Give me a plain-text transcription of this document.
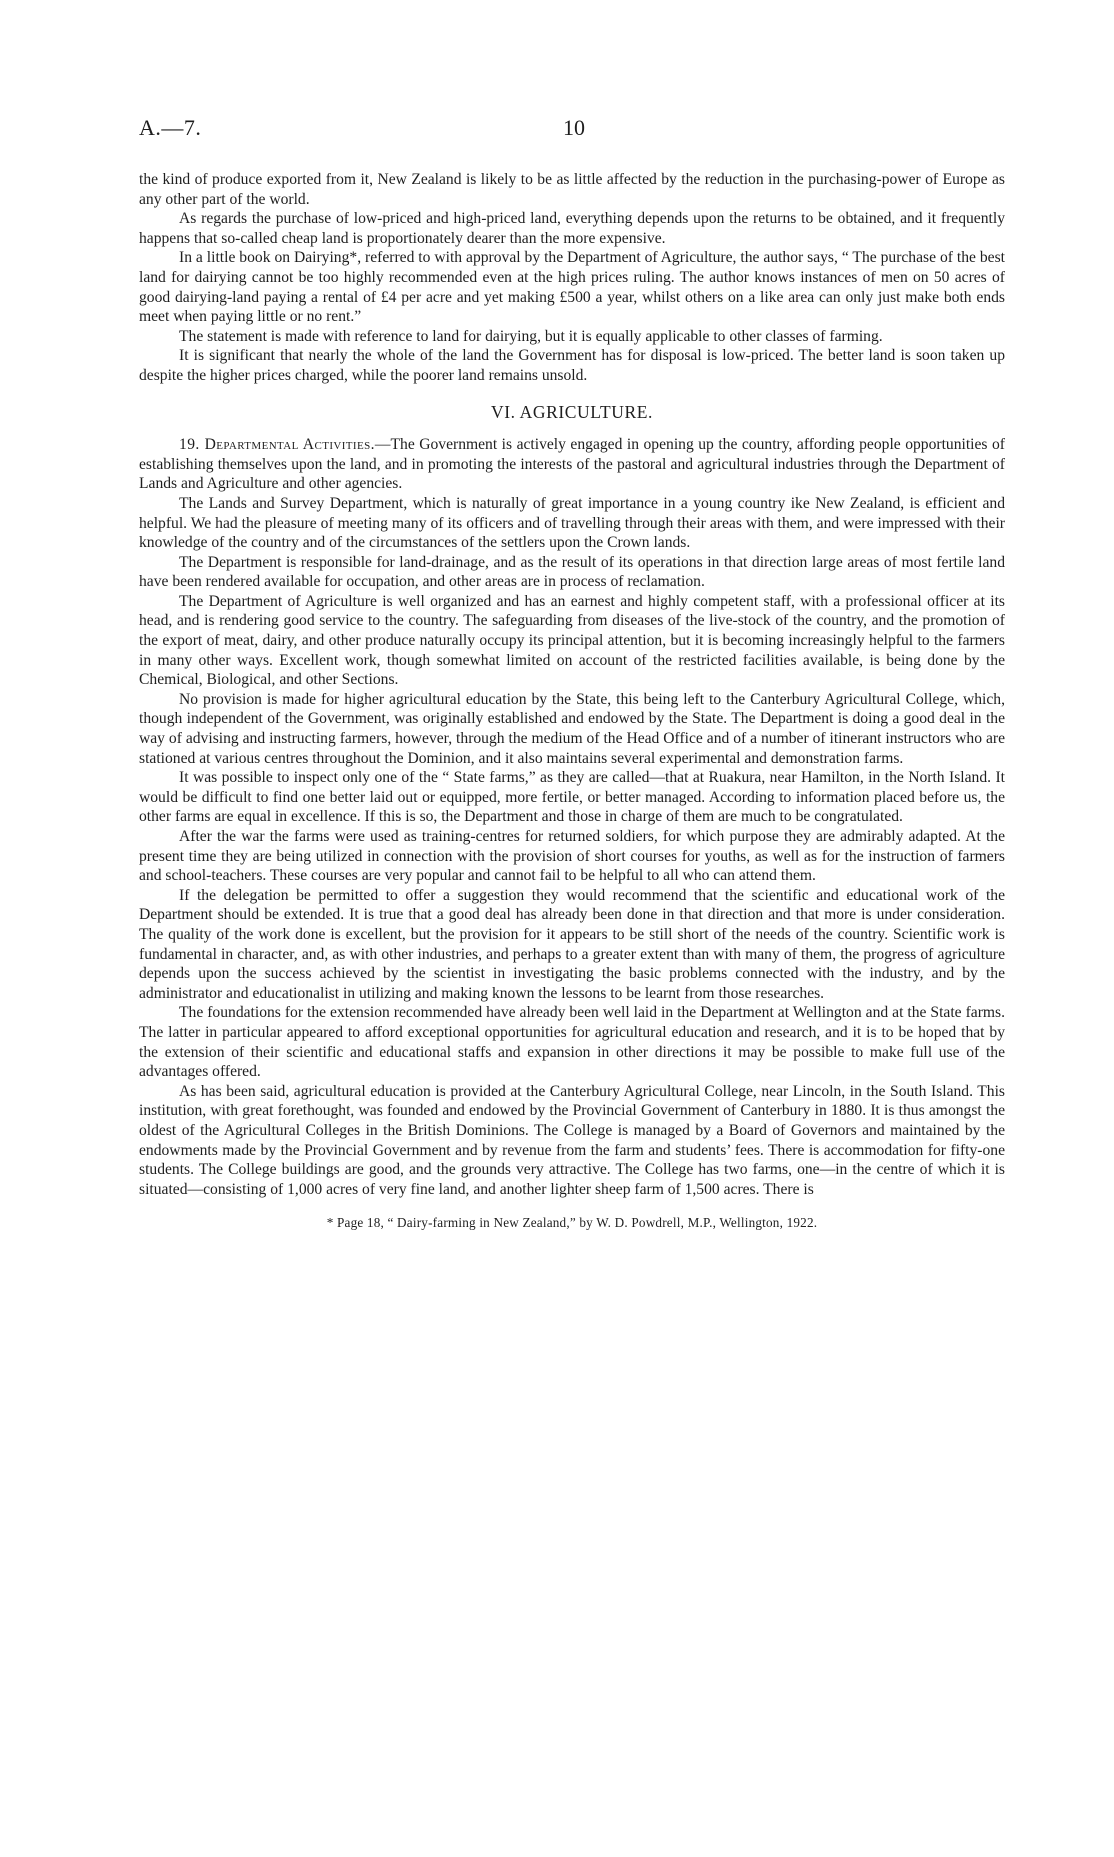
A.—7.	10

the kind of produce exported from it, New Zealand is likely to be as little affected by the reduction in the purchasing-power of Europe as any other part of the world.

As regards the purchase of low-priced and high-priced land, everything depends upon the returns to be obtained, and it frequently happens that so-called cheap land is proportionately dearer than the more expensive.

In a little book on Dairying*, referred to with approval by the Department of Agriculture, the author says, “ The purchase of the best land for dairying cannot be too highly recommended even at the high prices ruling. The author knows instances of men on 50 acres of good dairying-land paying a rental of £4 per acre and yet making £500 a year, whilst others on a like area can only just make both ends meet when paying little or no rent.”

The statement is made with reference to land for dairying, but it is equally applicable to other classes of farming.

It is significant that nearly the whole of the land the Government has for disposal is low-priced. The better land is soon taken up despite the higher prices charged, while the poorer land remains unsold.

VI. AGRICULTURE.

19. Departmental Activities.—The Government is actively engaged in opening up the country, affording people opportunities of establishing themselves upon the land, and in promoting the interests of the pastoral and agricultural industries through the Department of Lands and Agriculture and other agencies.

The Lands and Survey Department, which is naturally of great importance in a young country ike New Zealand, is efficient and helpful. We had the pleasure of meeting many of its officers and of travelling through their areas with them, and were impressed with their knowledge of the country and of the circumstances of the settlers upon the Crown lands.

The Department is responsible for land-drainage, and as the result of its operations in that direction large areas of most fertile land have been rendered available for occupation, and other areas are in process of reclamation.

The Department of Agriculture is well organized and has an earnest and highly competent staff, with a professional officer at its head, and is rendering good service to the country. The safeguarding from diseases of the live-stock of the country, and the promotion of the export of meat, dairy, and other produce naturally occupy its principal attention, but it is becoming increasingly helpful to the farmers in many other ways. Excellent work, though somewhat limited on account of the restricted facilities available, is being done by the Chemical, Biological, and other Sections.

No provision is made for higher agricultural education by the State, this being left to the Canterbury Agricultural College, which, though independent of the Government, was originally established and endowed by the State. The Department is doing a good deal in the way of advising and instructing farmers, however, through the medium of the Head Office and of a number of itinerant instructors who are stationed at various centres throughout the Dominion, and it also maintains several experimental and demonstration farms.

It was possible to inspect only one of the “ State farms,” as they are called—that at Ruakura, near Hamilton, in the North Island. It would be difficult to find one better laid out or equipped, more fertile, or better managed. According to information placed before us, the other farms are equal in excellence. If this is so, the Department and those in charge of them are much to be congratulated.

After the war the farms were used as training-centres for returned soldiers, for which purpose they are admirably adapted. At the present time they are being utilized in connection with the provision of short courses for youths, as well as for the instruction of farmers and school-teachers. These courses are very popular and cannot fail to be helpful to all who can attend them.

If the delegation be permitted to offer a suggestion they would recommend that the scientific and educational work of the Department should be extended. It is true that a good deal has already been done in that direction and that more is under consideration. The quality of the work done is excellent, but the provision for it appears to be still short of the needs of the country. Scientific work is fundamental in character, and, as with other industries, and perhaps to a greater extent than with many of them, the progress of agriculture depends upon the success achieved by the scientist in investigating the basic problems connected with the industry, and by the administrator and educationalist in utilizing and making known the lessons to be learnt from those researches.

The foundations for the extension recommended have already been well laid in the Department at Wellington and at the State farms. The latter in particular appeared to afford exceptional opportunities for agricultural education and research, and it is to be hoped that by the extension of their scientific and educational staffs and expansion in other directions it may be possible to make full use of the advantages offered.

As has been said, agricultural education is provided at the Canterbury Agricultural College, near Lincoln, in the South Island. This institution, with great forethought, was founded and endowed by the Provincial Government of Canterbury in 1880. It is thus amongst the oldest of the Agricultural Colleges in the British Dominions. The College is managed by a Board of Governors and maintained by the endowments made by the Provincial Government and by revenue from the farm and students’ fees. There is accommodation for fifty-one students. The College buildings are good, and the grounds very attractive. The College has two farms, one—in the centre of which it is situated—consisting of 1,000 acres of very fine land, and another lighter sheep farm of 1,500 acres. There is

* Page 18, “ Dairy-farming in New Zealand,” by W. D. Powdrell, M.P., Wellington, 1922.
